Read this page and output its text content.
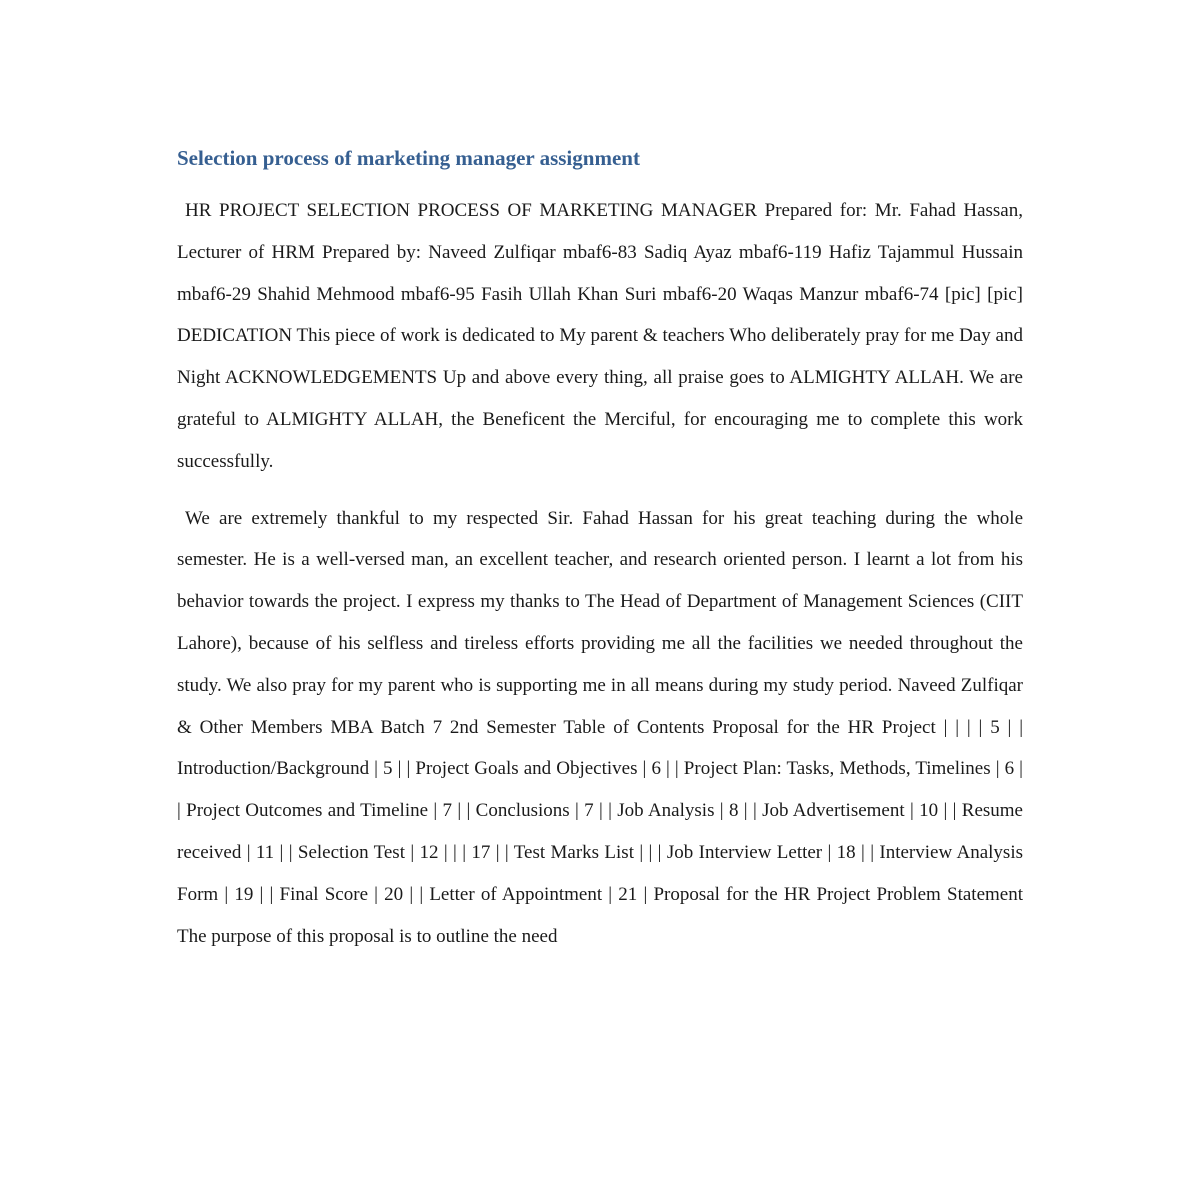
Selection process of marketing manager assignment

HR PROJECT SELECTION PROCESS OF MARKETING MANAGER Prepared for: Mr. Fahad Hassan, Lecturer of HRM Prepared by: Naveed Zulfiqar mbaf6-83 Sadiq Ayaz mbaf6-119 Hafiz Tajammul Hussain mbaf6-29 Shahid Mehmood mbaf6-95 Fasih Ullah Khan Suri mbaf6-20 Waqas Manzur mbaf6-74 [pic] [pic] DEDICATION This piece of work is dedicated to My parent & teachers Who deliberately pray for me Day and Night ACKNOWLEDGEMENTS Up and above every thing, all praise goes to ALMIGHTY ALLAH. We are grateful to ALMIGHTY ALLAH, the Beneficent the Merciful, for encouraging me to complete this work successfully.

We are extremely thankful to my respected Sir. Fahad Hassan for his great teaching during the whole semester. He is a well-versed man, an excellent teacher, and research oriented person. I learnt a lot from his behavior towards the project. I express my thanks to The Head of Department of Management Sciences (CIIT Lahore), because of his selfless and tireless efforts providing me all the facilities we needed throughout the study. We also pray for my parent who is supporting me in all means during my study period. Naveed Zulfiqar & Other Members MBA Batch 7 2nd Semester Table of Contents Proposal for the HR Project | | | | 5 | | Introduction/Background | 5 | | Project Goals and Objectives | 6 | | Project Plan: Tasks, Methods, Timelines | 6 | | Project Outcomes and Timeline | 7 | | Conclusions | 7 | | Job Analysis | 8 | | Job Advertisement | 10 | | Resume received | 11 | | Selection Test | 12 | | | 17 | | Test Marks List | | | Job Interview Letter | 18 | | Interview Analysis Form | 19 | | Final Score | 20 | | Letter of Appointment | 21 | Proposal for the HR Project Problem Statement The purpose of this proposal is to outline the need
